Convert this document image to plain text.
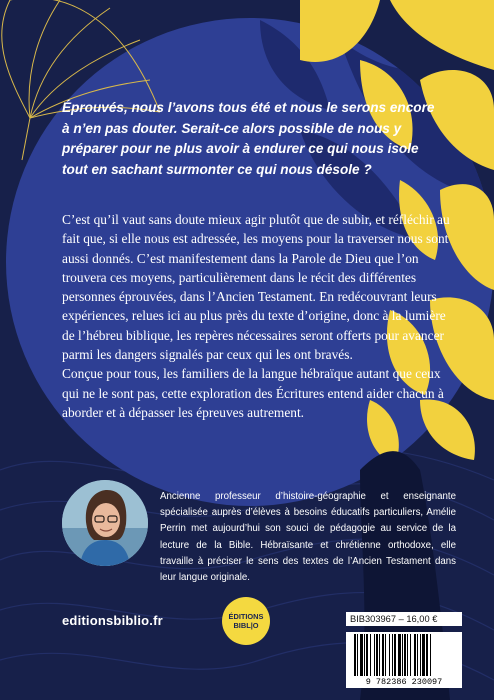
Éprouvés, nous l’avons tous été et nous le serons encore à n’en pas douter. Serait-ce alors possible de nous y préparer pour ne plus avoir à endurer ce qui nous isole tout en sachant surmonter ce qui nous désole ?

C’est qu’il vaut sans doute mieux agir plutôt que de subir, et réfléchir au fait que, si elle nous est adressée, les moyens pour la traverser nous sont aussi donnés. C’est manifestement dans la Parole de Dieu que l’on trouvera ces moyens, particulièrement dans le récit des différentes personnes éprouvées, dans l’Ancien Testament. En redécouvrant leurs expériences, relues ici au plus près du texte d’origine, donc à la lumière de l’hébreu biblique, les repères nécessaires seront offerts pour avancer parmi les dangers signalés par ceux qui les ont bravés.

Conçue pour tous, les familiers de la langue hébraïque autant que ceux qui ne le sont pas, cette exploration des Écritures entend aider chacun à aborder et à dépasser les épreuves autrement.

Ancienne professeur d’histoire-géographie et enseignante spécialisée auprès d’élèves à besoins éducatifs particuliers, Amélie Perrin met aujourd’hui son souci de pédagogie au service de la lecture de la Bible. Hébraïsante et chrétienne orthodoxe, elle travaille à préciser le sens des textes de l’Ancien Testament dans leur langue originale.

editionsbiblio.fr	ÉDITIONS
BIBL|O
BIB303967 – 16,00 €
9 782386 230097
